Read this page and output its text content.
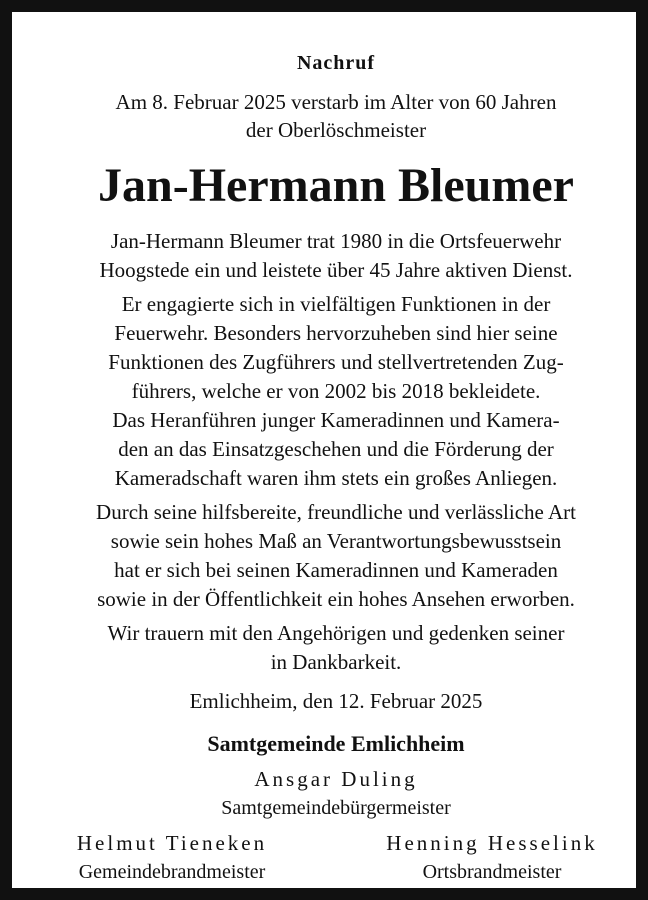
Nachruf
Am 8. Februar 2025 verstarb im Alter von 60 Jahren
der Oberlöschmeister
Jan-Hermann Bleumer
Jan-Hermann Bleumer trat 1980 in die Ortsfeuerwehr
Hoogstede ein und leistete über 45 Jahre aktiven Dienst.
Er engagierte sich in vielfältigen Funktionen in der
Feuerwehr. Besonders hervorzuheben sind hier seine
Funktionen des Zugführers und stellvertretenden Zug-
führers, welche er von 2002 bis 2018 bekleidete.
Das Heranführen junger Kameradinnen und Kamera-
den an das Einsatzgeschehen und die Förderung der
Kameradschaft waren ihm stets ein großes Anliegen.
Durch seine hilfsbereite, freundliche und verlässliche Art
sowie sein hohes Maß an Verantwortungsbewusstsein
hat er sich bei seinen Kameradinnen und Kameraden
sowie in der Öffentlichkeit ein hohes Ansehen erworben.
Wir trauern mit den Angehörigen und gedenken seiner
in Dankbarkeit.
Emlichheim, den 12. Februar 2025
Samtgemeinde Emlichheim
Ansgar Duling
Samtgemeindebürgermeister
Helmut Tieneken
Gemeindebrandmeister
Henning Hesselink
Ortsbrandmeister
